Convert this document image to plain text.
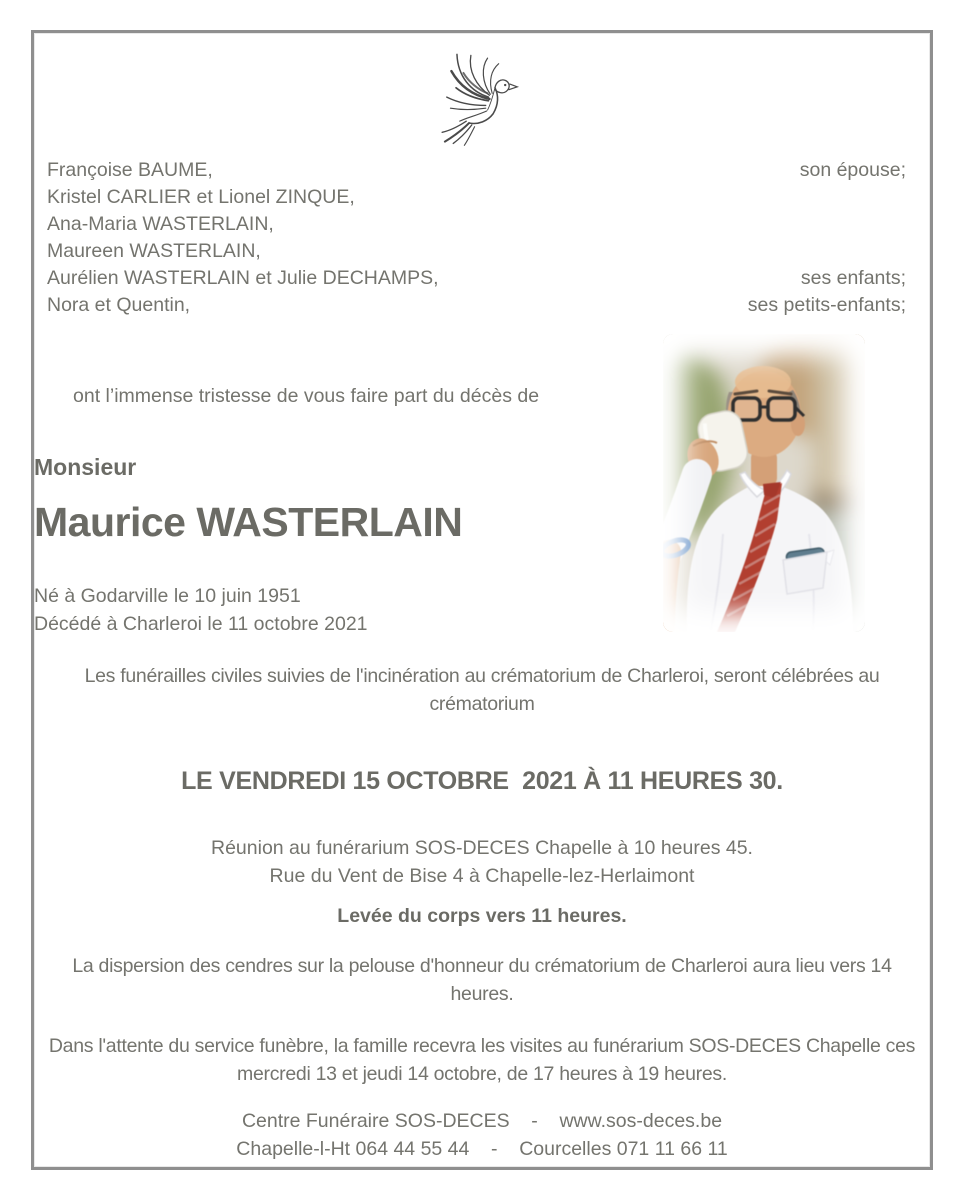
Françoise BAUME,	son épouse;
Kristel CARLIER et Lionel ZINQUE,
Ana-Maria WASTERLAIN,
Maureen WASTERLAIN,
Aurélien WASTERLAIN et Julie DECHAMPS,	ses enfants;
Nora et Quentin,	ses petits-enfants;

ont l’immense tristesse de vous faire part du décès de

Monsieur
Maurice WASTERLAIN
Né à Godarville le 10 juin 1951
Décédé à Charleroi le 11 octobre 2021

Les funérailles civiles suivies de l'incinération au crématorium de Charleroi, seront célébrées au crématorium

LE VENDREDI 15 OCTOBRE  2021 À 11 HEURES 30.

Réunion au funérarium SOS-DECES Chapelle à 10 heures 45.

Rue du Vent de Bise 4 à Chapelle-lez-Herlaimont

Levée du corps vers 11 heures.

La dispersion des cendres sur la pelouse d'honneur du crématorium de Charleroi aura lieu vers 14 heures.

Dans l'attente du service funèbre, la famille recevra les visites au funérarium SOS-DECES Chapelle ces mercredi 13 et jeudi 14 octobre, de 17 heures à 19 heures.

Centre Funéraire SOS-DECES    -    www.sos-deces.be
Chapelle-l-Ht 064 44 55 44    -    Courcelles 071 11 66 11
